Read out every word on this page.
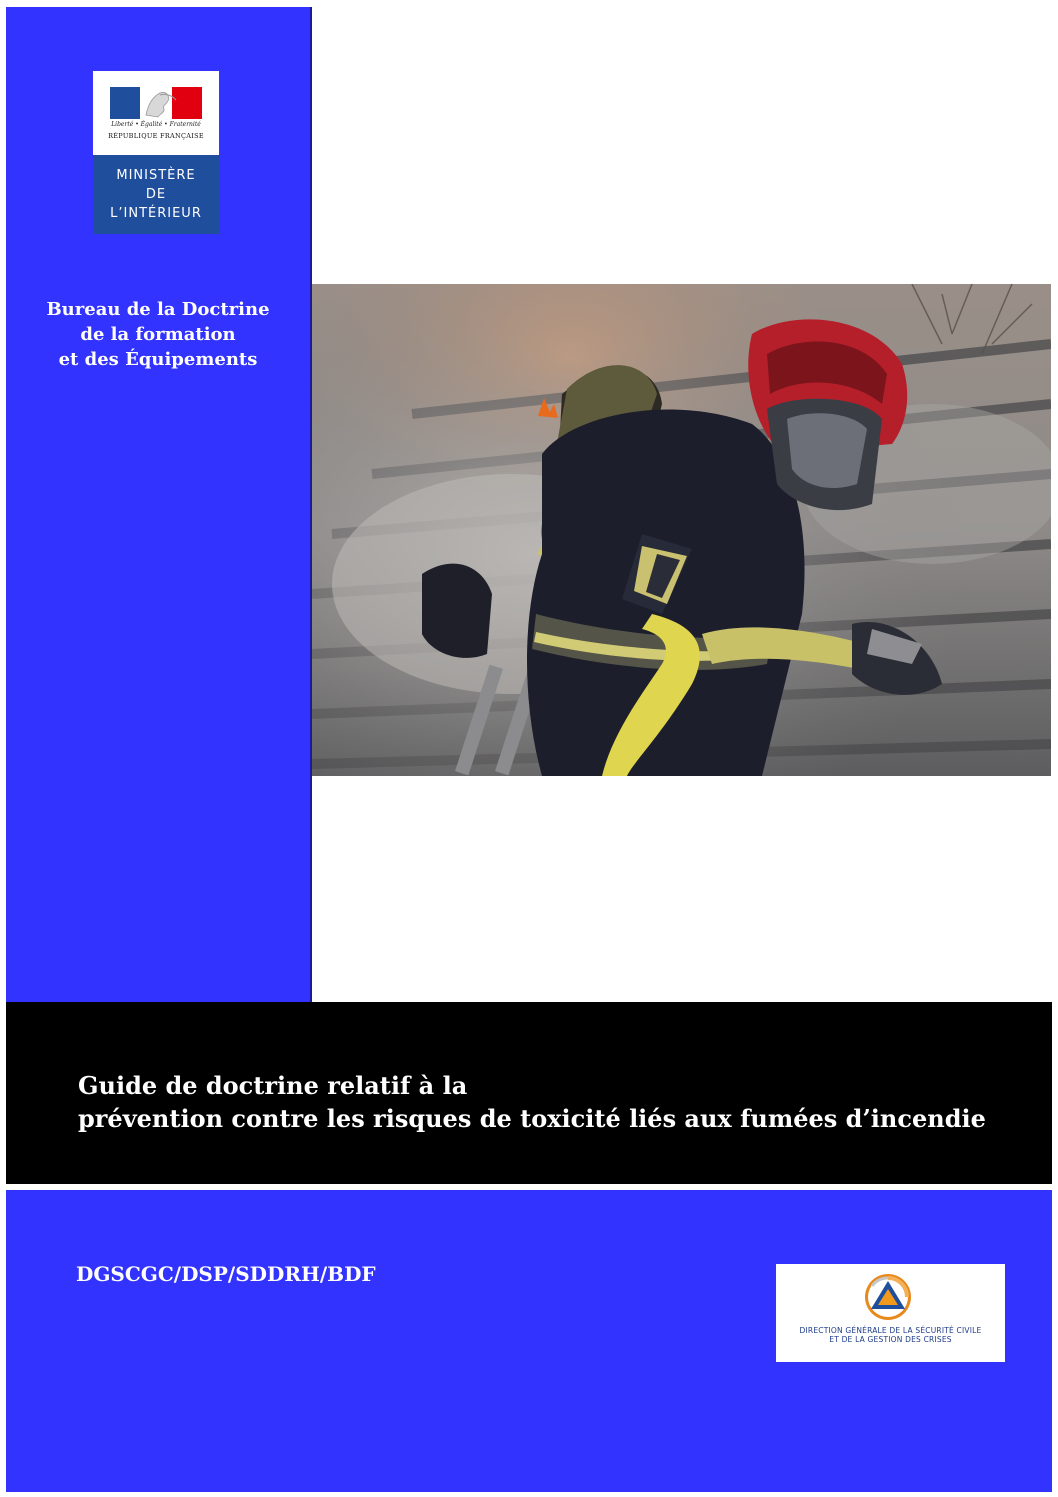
Liberté • Égalité • Fraternité
RÉPUBLIQUE FRANÇAISE
MINISTÈRE
DE
L’INTÉRIEUR
Bureau de la Doctrine
de la formation
et des Équipements
Guide de doctrine relatif à la
prévention contre les risques de toxicité liés aux fumées d’incendie
DGSCGC/DSP/SDDRH/BDF
DIRECTION GÉNÉRALE DE LA SÉCURITÉ CIVILE
ET DE LA GESTION DES CRISES
